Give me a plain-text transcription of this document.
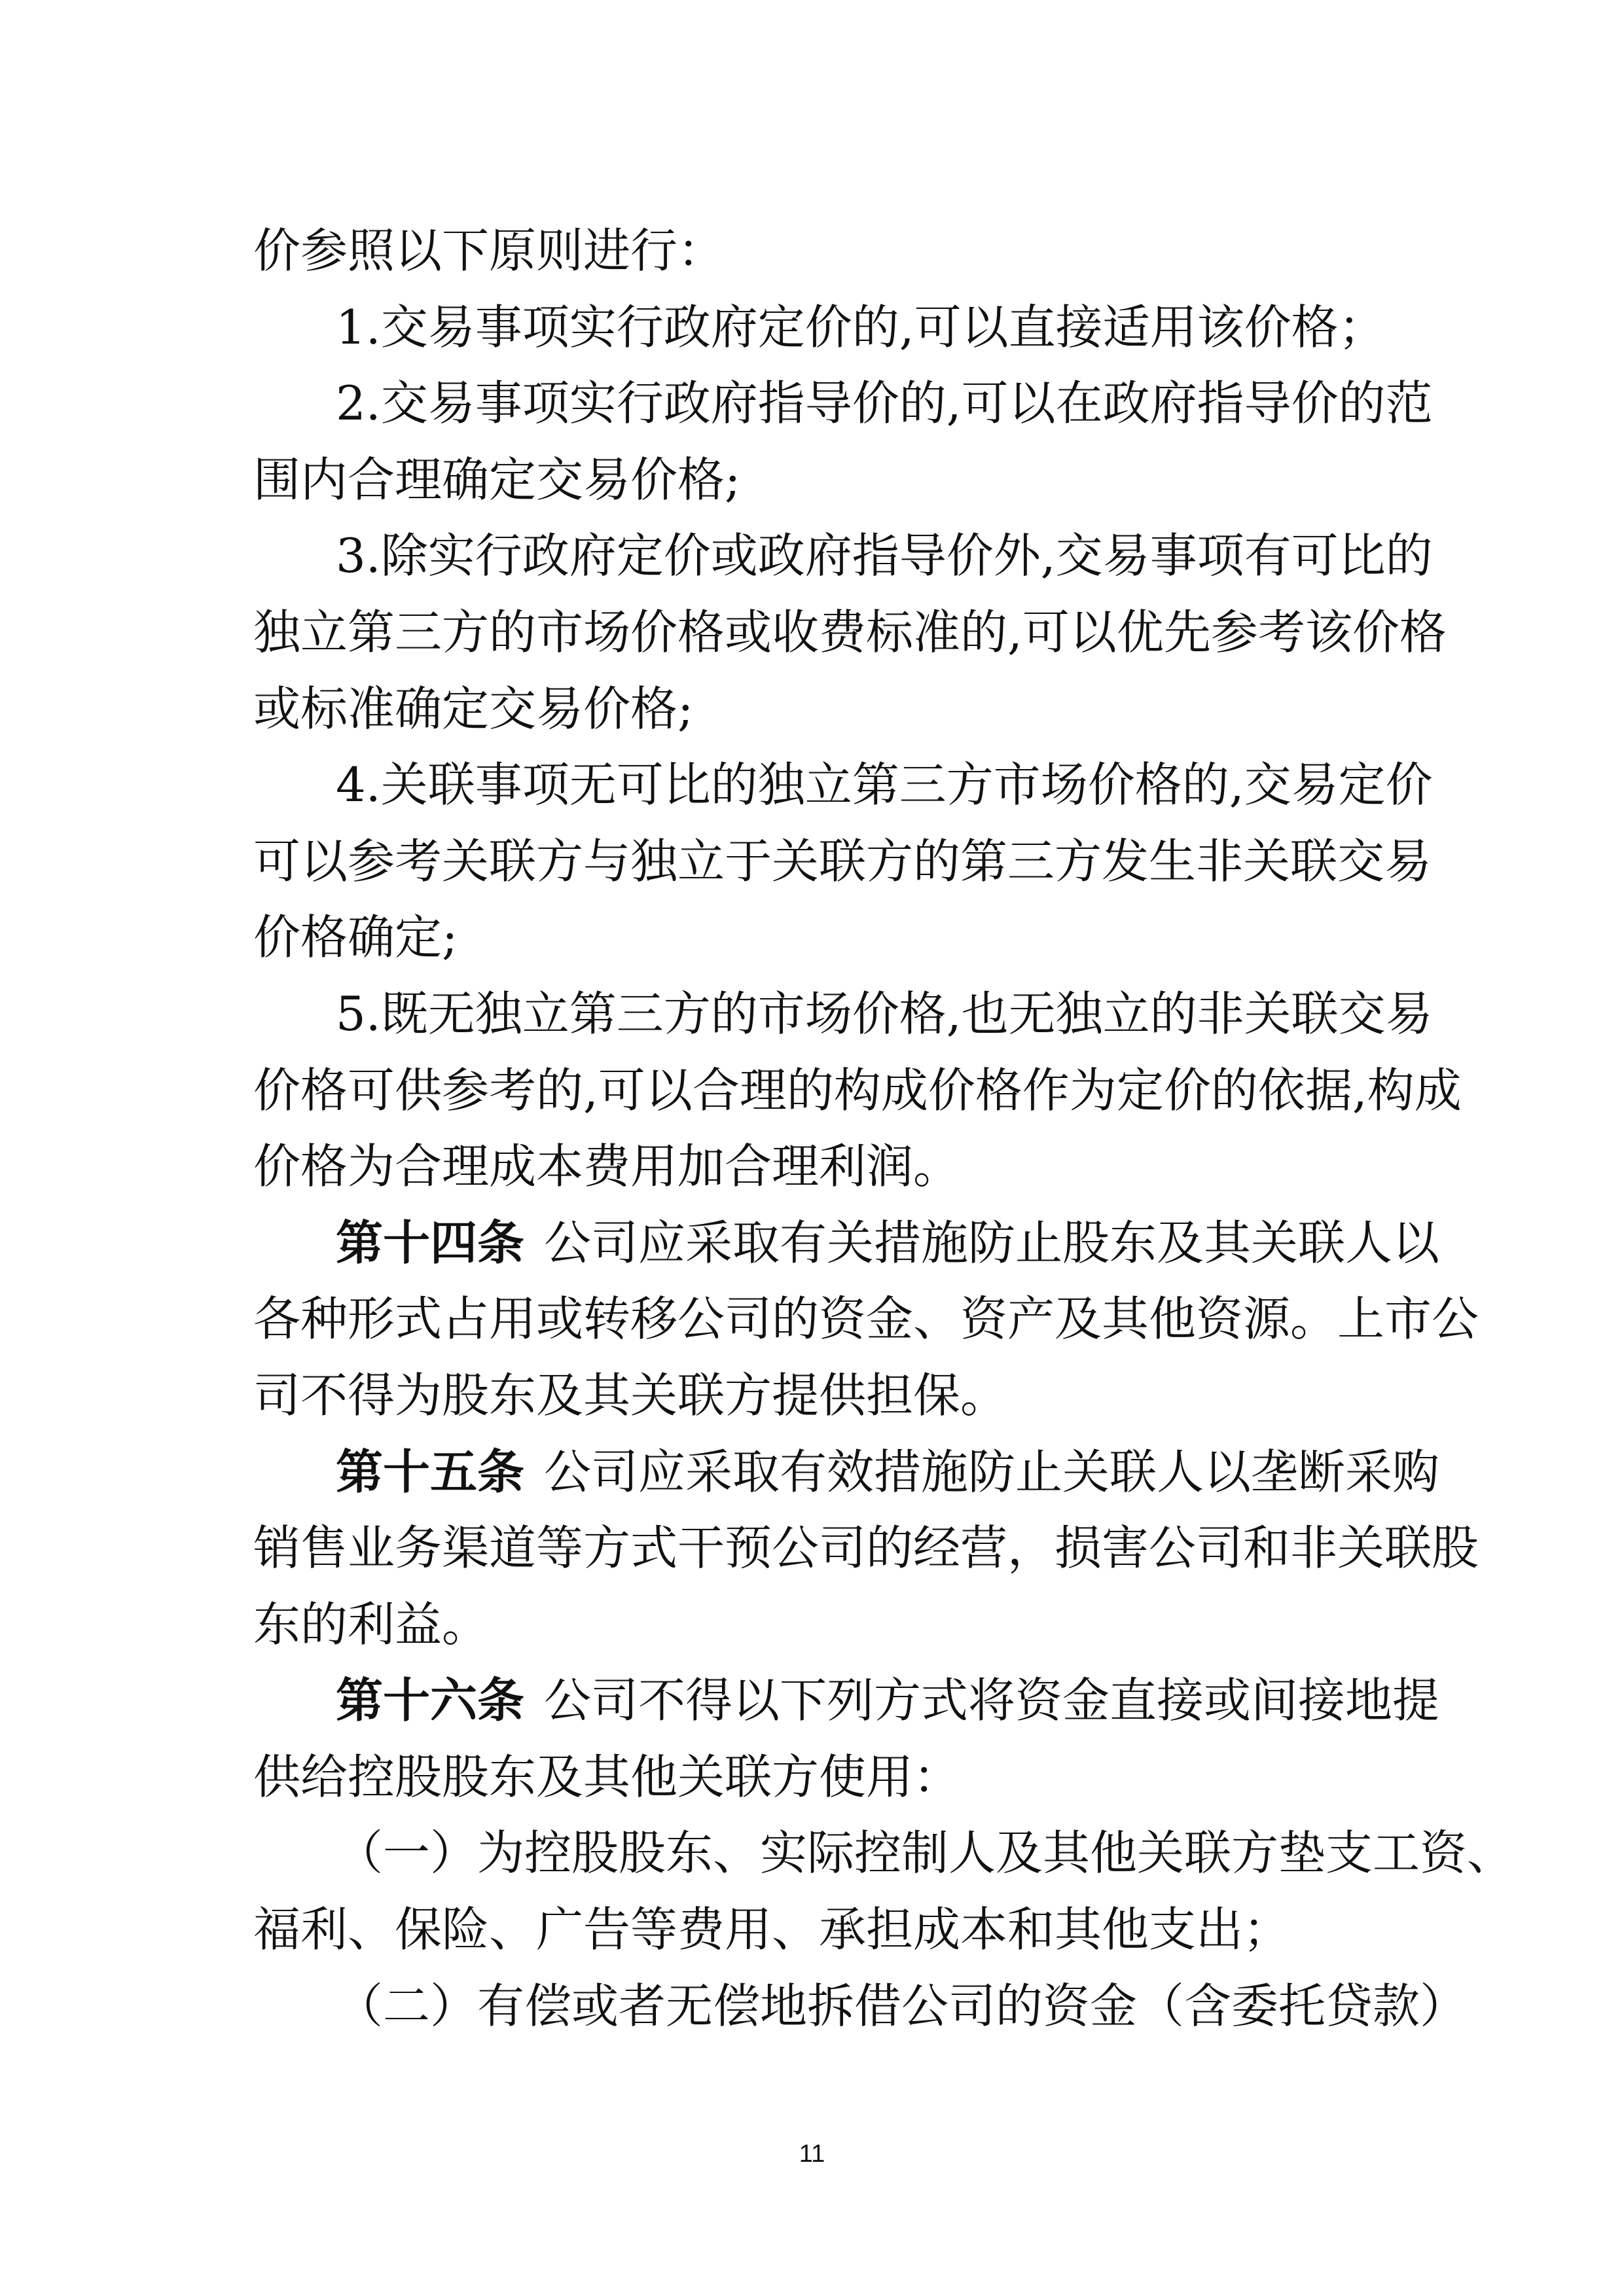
价参照以下原则进行：
1.交易事项实行政府定价的,可以直接适用该价格；
2.交易事项实行政府指导价的,可以在政府指导价的范
围内合理确定交易价格;
3.除实行政府定价或政府指导价外,交易事项有可比的
独立第三方的市场价格或收费标准的,可以优先参考该价格
或标准确定交易价格;
4.关联事项无可比的独立第三方市场价格的,交易定价
可以参考关联方与独立于关联方的第三方发生非关联交易
价格确定;
5.既无独立第三方的市场价格,也无独立的非关联交易
价格可供参考的,可以合理的构成价格作为定价的依据,构成
价格为合理成本费用加合理利润。
第十四条 公司应采取有关措施防止股东及其关联人以
各种形式占用或转移公司的资金、资产及其他资源。上市公
司不得为股东及其关联方提供担保。
第十五条 公司应采取有效措施防止关联人以垄断采购
销售业务渠道等方式干预公司的经营，损害公司和非关联股
东的利益。
第十六条 公司不得以下列方式将资金直接或间接地提
供给控股股东及其他关联方使用：
（一）为控股股东、实际控制人及其他关联方垫支工资、
福利、保险、广告等费用、承担成本和其他支出；
（二）有偿或者无偿地拆借公司的资金（含委托贷款）
11
